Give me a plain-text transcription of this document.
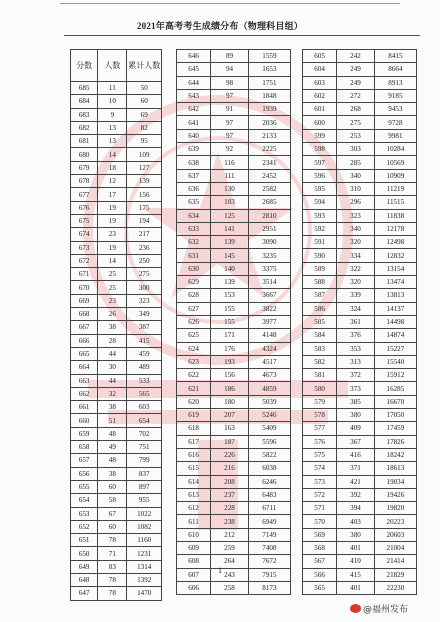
2021年高考考生成绩分布（物理科目组）
分数	人数	累计人数
685	11	50
684	10	60
683	9	69
682	13	82
681	13	95
680	14	109
679	18	127
678	12	139
677	17	156
676	19	175
675	19	194
674	23	217
673	19	236
672	14	250
671	25	275
670	25	300
669	23	323
668	26	349
667	38	387
666	28	415
665	44	459
664	30	489
663	44	533
662	32	565
661	38	603
660	51	654
659	48	702
658	49	751
657	48	799
656	38	837
655	60	897
654	58	955
653	67	1022
652	60	1082
651	78	1160
650	71	1231
649	83	1314
648	78	1392
647	78	1470
646	89	1559
645	94	1653
644	98	1751
643	97	1848
642	91	1939
641	97	2036
640	97	2133
639	92	2225
638	116	2341
637	111	2452
636	130	2582
635	103	2685
634	125	2810
633	141	2951
632	139	3090
631	145	3235
630	140	3375
629	139	3514
628	153	3667
627	155	3822
626	155	3977
625	171	4148
624	176	4324
623	193	4517
622	156	4673
621	186	4859
620	180	5039
619	207	5246
618	163	5409
617	187	5596
616	226	5822
615	216	6038
614	208	6246
613	237	6483
612	228	6711
611	238	6949
610	212	7149
609	259	7408
608	264	7672
607	243	7915
606	258	8173
605	242	8415
604	249	8664
603	249	8913
602	272	9185
601	268	9453
600	275	9728
599	253	9981
598	303	10284
597	285	10569
596	340	10909
595	310	11219
594	296	11515
593	323	11838
592	340	12178
591	320	12498
590	334	12832
589	322	13154
588	320	13474
587	339	13813
586	324	14137
585	361	14498
584	376	14874
583	353	15227
582	313	15540
581	372	15912
580	373	16285
579	385	16670
578	380	17050
577	409	17459
576	367	17826
575	416	18242
574	371	18613
573	421	19034
572	392	19426
571	394	19820
570	403	20223
569	380	20603
568	401	21004
567	410	21414
566	415	21829
565	401	22230
1
@福州发布
